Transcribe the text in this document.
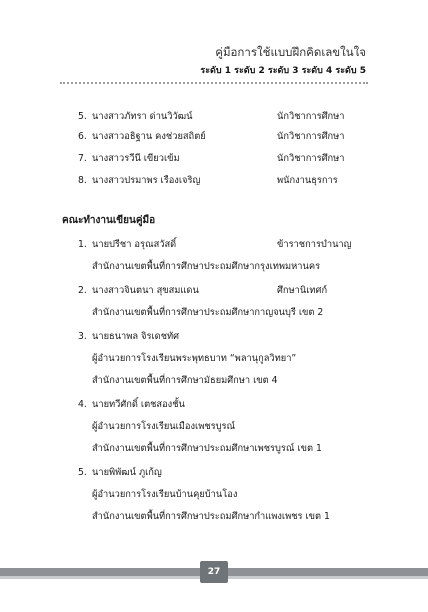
คู่มือการใช้แบบฝึกคิดเลขในใจ
ระดับ 1 ระดับ 2 ระดับ 3 ระดับ 4 ระดับ 5
5. นางสาวภัทรา ด่านวิวัฒน์	นักวิชาการศึกษา
6. นางสาวอธิฐาน คงช่วยสถิตย์	นักวิชาการศึกษา
7. นางสาวรวีนี เขียวเข้ม	นักวิชาการศึกษา
8. นางสาวปรมาพร เรืองเจริญ	พนักงานธุรการ
คณะทำงานเขียนคู่มือ
1. นายปรีชา อรุณสวัสดิ์	ข้าราชการบำนาญ
สำนักงานเขตพื้นที่การศึกษาประถมศึกษากรุงเทพมหานคร
2. นางสาวจินตนา สุขสมแดน	ศึกษานิเทศก์
สำนักงานเขตพื้นที่การศึกษาประถมศึกษากาญจนบุรี เขต 2
3. นายธนาพล จิรเดชทัศ
ผู้อำนวยการโรงเรียนพระพุทธบาท “พลานุกูลวิทยา”
สำนักงานเขตพื้นที่การศึกษามัธยมศึกษา เขต 4
4. นายทวีศักดิ์ เตชสองชั้น
ผู้อำนวยการโรงเรียนเมืองเพชรบูรณ์
สำนักงานเขตพื้นที่การศึกษาประถมศึกษาเพชรบูรณ์ เขต 1
5. นายพิพัฒน์ ภูเก้ญ
ผู้อำนวยการโรงเรียนบ้านคุยบ้านโอง
สำนักงานเขตพื้นที่การศึกษาประถมศึกษากำแพงเพชร เขต 1
27
